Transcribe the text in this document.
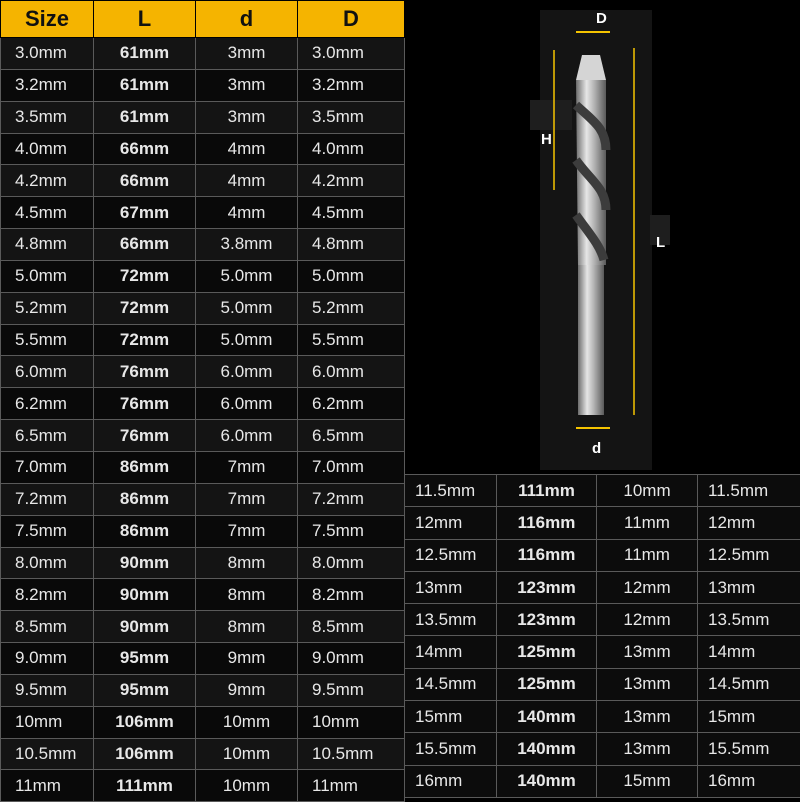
Size	L	d	D
3.0mm	61mm	3mm	3.0mm
3.2mm	61mm	3mm	3.2mm
3.5mm	61mm	3mm	3.5mm
4.0mm	66mm	4mm	4.0mm
4.2mm	66mm	4mm	4.2mm
4.5mm	67mm	4mm	4.5mm
4.8mm	66mm	3.8mm	4.8mm
5.0mm	72mm	5.0mm	5.0mm
5.2mm	72mm	5.0mm	5.2mm
5.5mm	72mm	5.0mm	5.5mm
6.0mm	76mm	6.0mm	6.0mm
6.2mm	76mm	6.0mm	6.2mm
6.5mm	76mm	6.0mm	6.5mm
7.0mm	86mm	7mm	7.0mm
7.2mm	86mm	7mm	7.2mm
7.5mm	86mm	7mm	7.5mm
8.0mm	90mm	8mm	8.0mm
8.2mm	90mm	8mm	8.2mm
8.5mm	90mm	8mm	8.5mm
9.0mm	95mm	9mm	9.0mm
9.5mm	95mm	9mm	9.5mm
10mm	106mm	10mm	10mm
10.5mm	106mm	10mm	10.5mm
11mm	111mm	10mm	11mm
D
H
L
d
11.5mm	111mm	10mm	11.5mm
12mm	116mm	11mm	12mm
12.5mm	116mm	11mm	12.5mm
13mm	123mm	12mm	13mm
13.5mm	123mm	12mm	13.5mm
14mm	125mm	13mm	14mm
14.5mm	125mm	13mm	14.5mm
15mm	140mm	13mm	15mm
15.5mm	140mm	13mm	15.5mm
16mm	140mm	15mm	16mm
